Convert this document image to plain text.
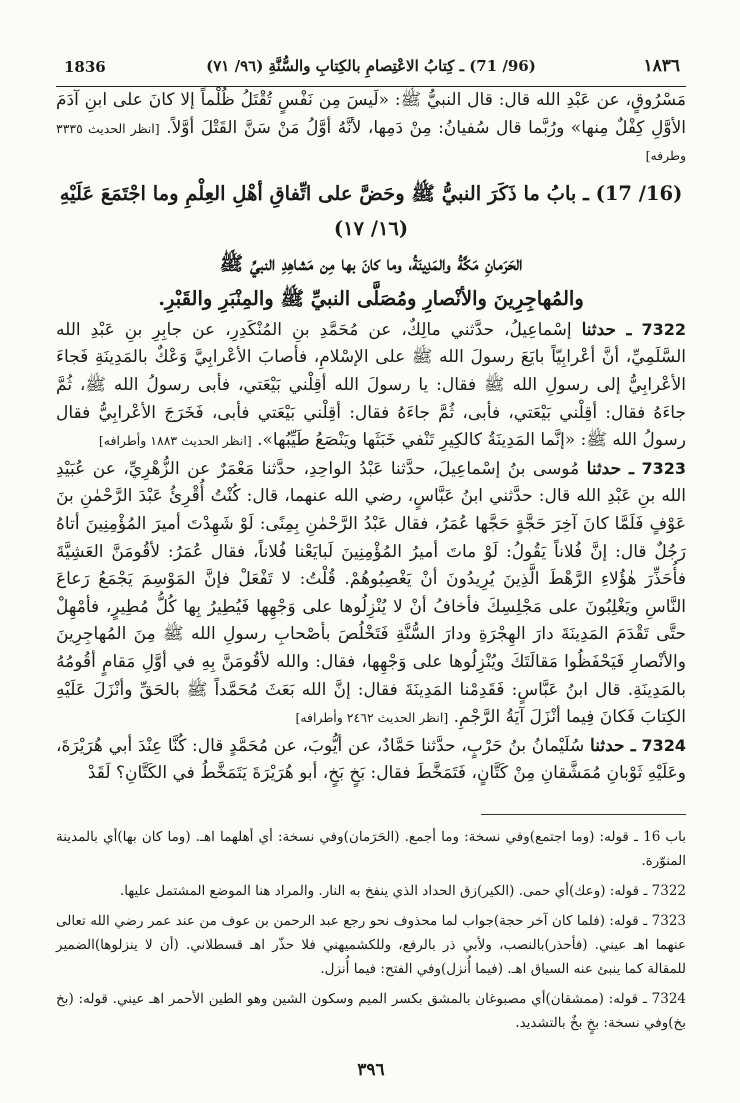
1836	(96/ 71) ـ كِتابُ الاعْتِصامِ بالكِتابِ والسُّنَّةِ (٩٦/ ٧١)	١٨٣٦

مَسْرُوقٍ، عن عَبْدِ الله قال: قال النبيُّ ﷺ: «لَيسَ مِن نَفْسٍ تُقْتَلُ ظُلْماً إلا كانَ على ابنِ آدَمَ الأوَّلِ كِفْلٌ مِنها» ورُبَّما قال سُفيانُ: مِنْ دَمِها، لأنَّهُ أوَّلُ مَنْ سَنَّ القَتْلَ أوَّلاً. [انظر الحديث ٣٣٣٥ وطرفه]

(16/ 17) ـ بابُ ما ذَكَرَ النبيُّ ﷺ وحَضَّ على اتِّفاقِ أهْلِ العِلْمِ وما اجْتَمَعَ عَلَيْهِ (١٦/ ١٧)
الحَرَمانِ مَكَّةُ والمَدِينَةُ، وما كانَ بها مِن مَشاهِدِ النبيِّ ﷺ
والمُهاجِرِينَ والأنْصارِ ومُصَلَّى النبيِّ ﷺ والمِنْبَرِ والقَبْرِ.

7322 ـ حدثنا إسْماعِيلُ، حدَّثني مالِكٌ، عن مُحَمَّدِ بنِ المُنْكَدِرِ، عن جابِرِ بنِ عَبْدِ الله السَّلَمِيِّ، أنَّ أعْرابِيّاً بايَعَ رسولَ الله ﷺ على الإسْلامِ، فأصابَ الأعْرابِيَّ وَعْكٌ بالمَدِينَةِ فَجاءَ الأعْرابِيُّ إلى رسولِ الله ﷺ فقال: يا رسولَ الله أقِلْني بَيْعَتي، فأبى رسولُ الله ﷺ، ثُمَّ جاءَهُ فقال: أقِلْني بَيْعَتي، فأبى، ثُمَّ جاءَهُ فقال: أقِلْني بَيْعَتي فأبى، فَخَرَجَ الأعْرابِيُّ فقال رسولُ الله ﷺ: «إنَّما المَدِينَةُ كالكِيرِ تَنْفي خَبَثَها ويَنْصَعُ طَيِّبُها». [انظر الحديث ١٨٨٣ وأطرافه]

7323 ـ حدثنا مُوسى بنُ إسْماعِيلَ، حدَّثنا عَبْدُ الواحِدِ، حدَّثنا مَعْمَرٌ عن الزُّهْرِيِّ، عن عُبَيْدِ الله بنِ عَبْدِ الله قال: حدَّثني ابنُ عَبَّاسٍ، رضي الله عنهما، قال: كُنْتُ أُقْرِئُ عَبْدَ الرَّحْمٰنِ بنَ عَوْفٍ فَلَمَّا كانَ آخِرَ حَجَّةٍ حَجَّها عُمَرُ، فقال عَبْدُ الرَّحْمٰنِ بِمِنًى: لَوْ شَهِدْتَ أميرَ المُؤْمِنِينَ أتاهُ رَجُلٌ قال: إنَّ فُلاناً يَقُولُ: لَوْ ماتَ أميرُ المُؤْمِنِينَ لَبايَعْنا فُلاناً، فقال عُمَرُ: لأقُومَنَّ العَشِيَّةَ فأُحَذِّرَ هٰؤُلاءِ الرَّهْطَ الَّذِينَ يُرِيدُونَ أنْ يَغْصِبُوهُمْ. قُلْتُ: لا تَفْعَلْ فإنَّ المَوْسِمَ يَجْمَعُ رَعاعَ النَّاسِ ويَغْلِبُونَ على مَجْلِسِكَ فأخافُ أنْ لا يُنْزِلُوها على وَجْهِها فَيُطِيرُ بِها كُلُّ مُطِيرٍ، فأمْهِلْ حتَّى تَقْدَمَ المَدِينَةَ دارَ الهِجْرَةِ ودارَ السُّنَّةِ فَتَخْلُصَ بأصْحابِ رسولِ الله ﷺ مِنَ المُهاجِرِينَ والأنْصارِ فَيَحْفَظُوا مَقالَتَكَ ويُنْزِلُوها على وَجْهِها، فقال: والله لأقُومَنَّ بِهِ في أوَّلِ مَقامٍ أقُومُهُ بالمَدِينَةِ. قال ابنُ عَبَّاسٍ: فَقَدِمْنا المَدِينَةَ فقال: إنَّ الله بَعَثَ مُحَمَّداً ﷺ بالحَقِّ وأنْزَلَ عَلَيْهِ الكِتابَ فَكانَ فِيما أنْزَلَ آيَةُ الرَّجْمِ. [انظر الحديث ٢٤٦٢ وأطرافه]

7324 ـ حدثنا سُلَيْمانُ بنُ حَرْبٍ، حدَّثنا حَمَّادٌ، عن أيُّوبَ، عن مُحَمَّدٍ قال: كُنَّا عِنْدَ أبي هُرَيْرَةَ، وعَلَيْهِ ثَوْبانِ مُمَشَّقانِ مِنْ كَتَّانٍ، فَتَمَخَّطَ فقال: بَخٍ بَخٍ، أبو هُرَيْرَةَ يَتَمَخَّطُ في الكَتَّانِ؟ لَقَدْ

باب 16 ـ قوله: (وما اجتمع)وفي نسخة: وما أجمع. (الحَرَمان)وفي نسخة: أي أهلهما اهـ. (وما كان بها)أي بالمدينة المنوّرة.

7322 ـ قوله: (وعك)أي حمى. (الكير)زق الحداد الذي ينفخ به النار. والمراد هنا الموضع المشتمل عليها.

7323 ـ قوله: (فلما كان آخر حجة)جواب لما محذوف نحو رجع عبد الرحمن بن عوف من عند عمر رضي الله تعالى عنهما اهـ عيني. (فأحذر)بالنصب، ولأبي ذر بالرفع، وللكشميهني فلا حذّر اهـ قسطلاني. (أن لا ينزلوها)الضمير للمقالة كما ينبئ عنه السياق اهـ. (فيما أُنزل)وفي الفتح: فيما أُنزل.

7324 ـ قوله: (ممشقان)أي مصبوغان بالمشق بكسر الميم وسكون الشين وهو الطين الأحمر اهـ عيني. قوله: (بخ بخ)وفي نسخة: بخٍ بخٌ بالتشديد.

٣٩٦
